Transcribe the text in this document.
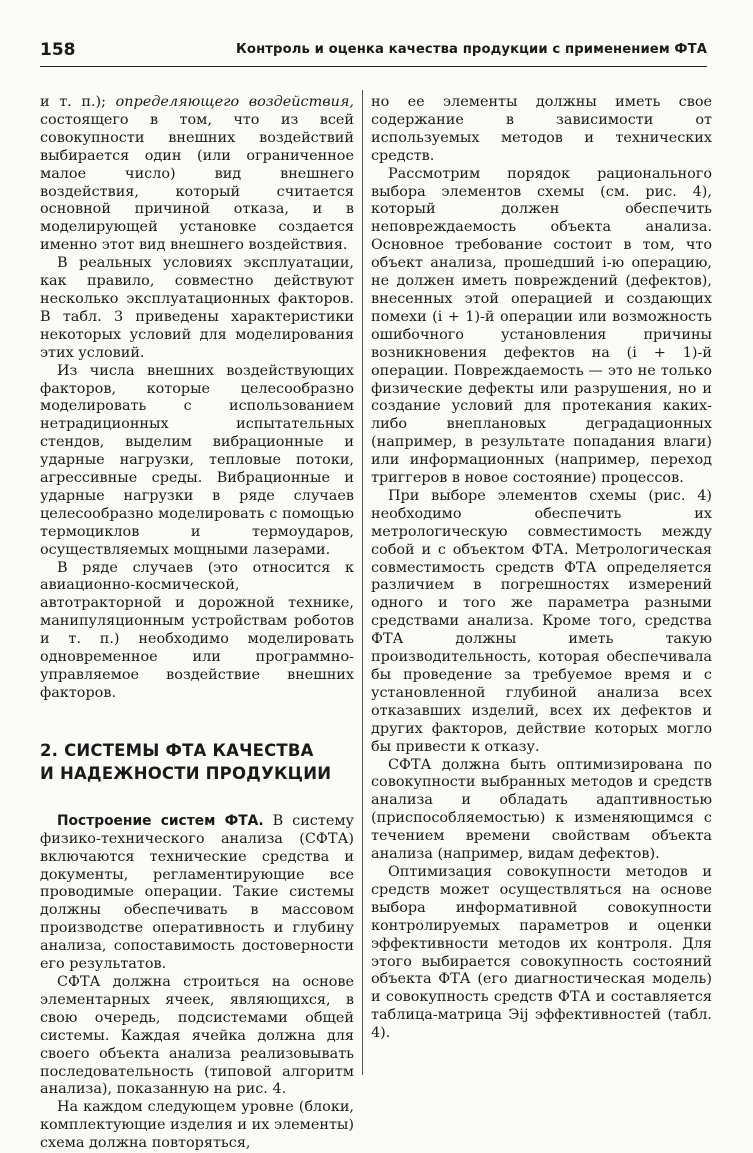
158	Контроль и оценка качества продукции с применением ФТА

и т. п.); определяющего воздействия, состоящего в том, что из всей совокупности внешних воздействий выбирается один (или ограниченное малое число) вид внешнего воздействия, который считается основной причиной отказа, и в моделирующей установке создается именно этот вид внешнего воздействия.

В реальных условиях эксплуатации, как правило, совместно действуют несколько эксплуатационных факторов. В табл. 3 приведены характеристики некоторых условий для моделирования этих условий.

Из числа внешних воздействующих факторов, которые целесообразно моделировать с использованием нетрадиционных испытательных стендов, выделим вибрационные и ударные нагрузки, тепловые потоки, агрессивные среды. Вибрационные и ударные нагрузки в ряде случаев целесообразно моделировать с помощью термоциклов и термоударов, осуществляемых мощными лазерами.

В ряде случаев (это относится к авиационно-космической, автотракторной и дорожной технике, манипуляционным устройствам роботов и т. п.) необходимо моделировать одновременное или программно-управляемое воздействие внешних факторов.

2. СИСТЕМЫ ФТА КАЧЕСТВА
И НАДЕЖНОСТИ ПРОДУКЦИИ

Построение систем ФТА. В систему физико-технического анализа (СФТА) включаются технические средства и документы, регламентирующие все проводимые операции. Такие системы должны обеспечивать в массовом производстве оперативность и глубину анализа, сопоставимость достоверности его результатов.

СФТА должна строиться на основе элементарных ячеек, являющихся, в свою очередь, подсистемами общей системы. Каждая ячейка должна для своего объекта анализа реализовывать последовательность (типовой алгоритм анализа), показанную на рис. 4.

На каждом следующем уровне (блоки, комплектующие изделия и их элементы) схема должна повторяться,

но ее элементы должны иметь свое содержание в зависимости от используемых методов и технических средств.

Рассмотрим порядок рационального выбора элементов схемы (см. рис. 4), который должен обеспечить неповреждаемость объекта анализа. Основное требование состоит в том, что объект анализа, прошедший i-ю операцию, не должен иметь повреждений (дефектов), внесенных этой операцией и создающих помехи (i + 1)-й операции или возможность ошибочного установления причины возникновения дефектов на (i + 1)-й операции. Повреждаемость — это не только физические дефекты или разрушения, но и создание условий для протекания каких-либо внеплановых деградационных (например, в результате попадания влаги) или информационных (например, переход триггеров в новое состояние) процессов.

При выборе элементов схемы (рис. 4) необходимо обеспечить их метрологическую совместимость между собой и с объектом ФТА. Метрологическая совместимость средств ФТА определяется различием в погрешностях измерений одного и того же параметра разными средствами анализа. Кроме того, средства ФТА должны иметь такую производительность, которая обеспечивала бы проведение за требуемое время и с установленной глубиной анализа всех отказавших изделий, всех их дефектов и других факторов, действие которых могло бы привести к отказу.

СФТА должна быть оптимизирована по совокупности выбранных методов и средств анализа и обладать адаптивностью (приспособляемостью) к изменяющимся с течением времени свойствам объекта анализа (например, видам дефектов).

Оптимизация совокупности методов и средств может осуществляться на основе выбора информативной совокупности контролируемых параметров и оценки эффективности методов их контроля. Для этого выбирается совокупность состояний объекта ФТА (его диагностическая модель) и совокупность средств ФТА и составляется таблица-матрица Эij эффективностей (табл. 4).
